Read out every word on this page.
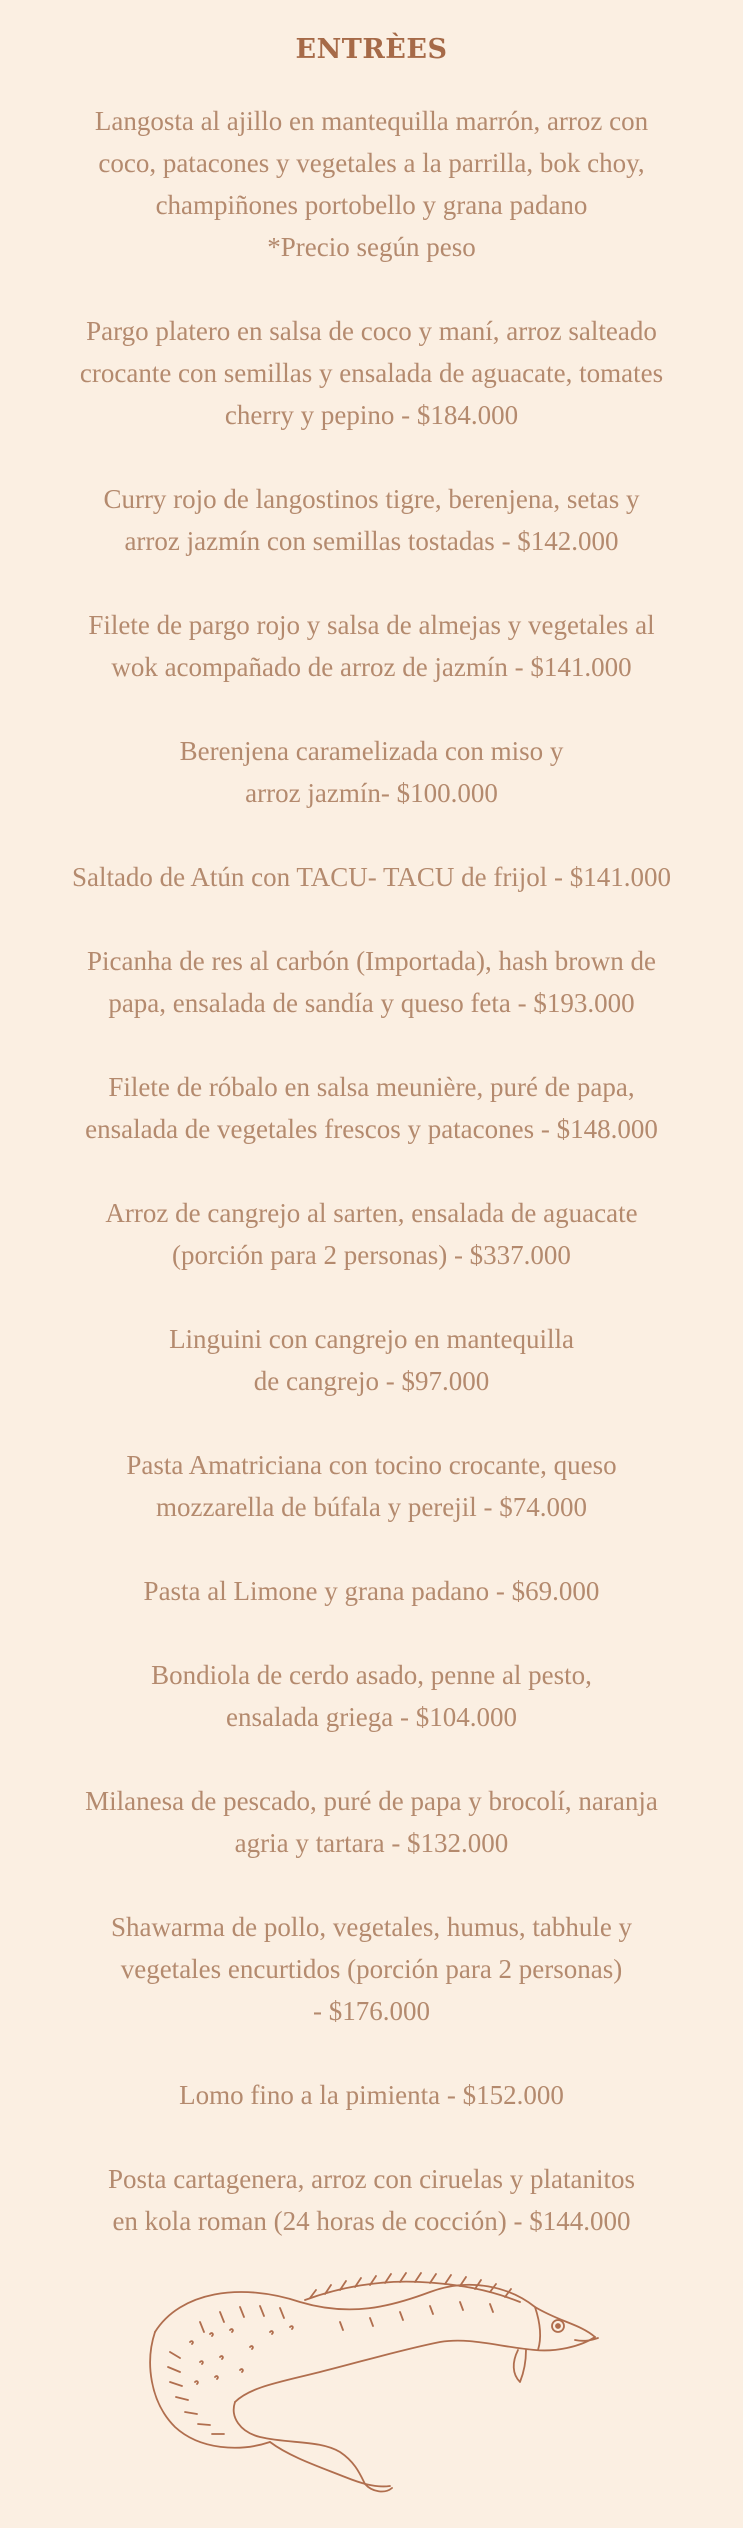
ENTRÈES
Langosta al ajillo en mantequilla marrón, arroz con
coco, patacones y vegetales a la parrilla, bok choy,
champiñones portobello y grana padano
*Precio según peso
Pargo platero en salsa de coco y maní, arroz salteado
crocante con semillas y ensalada de aguacate, tomates
cherry y pepino - $184.000
Curry rojo de langostinos tigre, berenjena, setas y
arroz jazmín con semillas tostadas - $142.000
Filete de pargo rojo y salsa de almejas y vegetales al
wok acompañado de arroz de jazmín - $141.000
Berenjena caramelizada con miso y
arroz jazmín- $100.000
Saltado de Atún con TACU- TACU de frijol - $141.000
Picanha de res al carbón (Importada), hash brown de
papa, ensalada de sandía y queso feta - $193.000
Filete de róbalo en salsa meunière, puré de papa,
ensalada de vegetales frescos y patacones - $148.000
Arroz de cangrejo al sarten, ensalada de aguacate
(porción para 2 personas) - $337.000
Linguini con cangrejo en mantequilla
de cangrejo - $97.000
Pasta Amatriciana con tocino crocante, queso
mozzarella de búfala y perejil - $74.000
Pasta al Limone y grana padano - $69.000
Bondiola de cerdo asado, penne al pesto,
ensalada griega - $104.000
Milanesa de pescado, puré de papa y brocolí, naranja
agria y tartara - $132.000
Shawarma de pollo, vegetales, humus, tabhule y
vegetales encurtidos (porción para 2 personas)
- $176.000
Lomo fino a la pimienta - $152.000
Posta cartagenera, arroz con ciruelas y platanitos
en kola roman (24 horas de cocción) - $144.000
